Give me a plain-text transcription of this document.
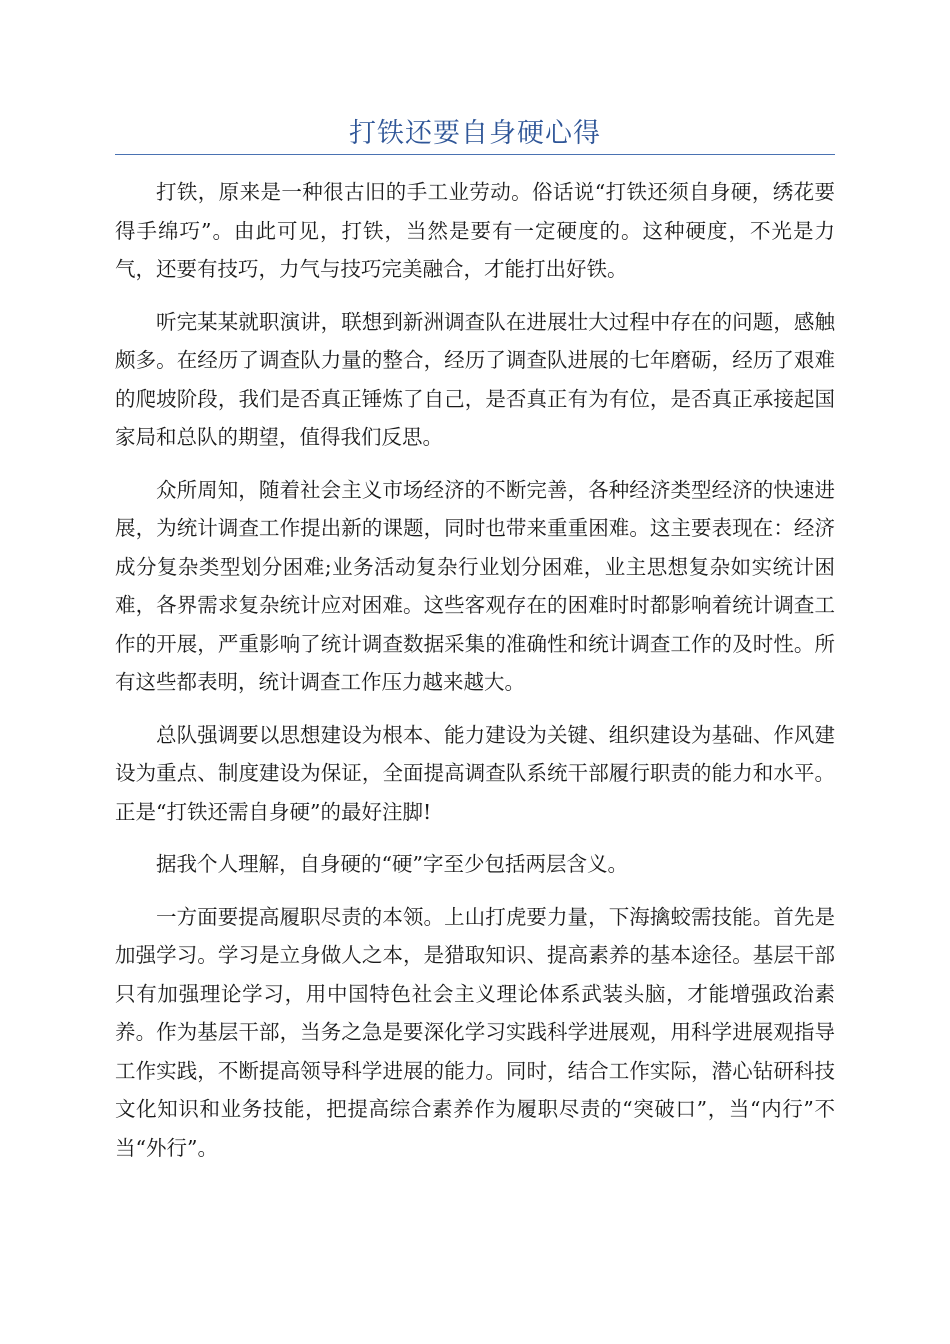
打铁还要自身硬心得

打铁，原来是一种很古旧的手工业劳动。俗话说“打铁还须自身硬，绣花要得手绵巧”。由此可见，打铁，当然是要有一定硬度的。这种硬度，不光是力气，还要有技巧，力气与技巧完美融合，才能打出好铁。

听完某某就职演讲，联想到新洲调查队在进展壮大过程中存在的问题，感触颇多。在经历了调查队力量的整合，经历了调查队进展的七年磨砺，经历了艰难的爬坡阶段，我们是否真正锤炼了自己，是否真正有为有位，是否真正承接起国家局和总队的期望，值得我们反思。

众所周知，随着社会主义市场经济的不断完善，各种经济类型经济的快速进展，为统计调查工作提出新的课题，同时也带来重重困难。这主要表现在：经济成分复杂类型划分困难;业务活动复杂行业划分困难，业主思想复杂如实统计困难，各界需求复杂统计应对困难。这些客观存在的困难时时都影响着统计调查工作的开展，严重影响了统计调查数据采集的准确性和统计调查工作的及时性。所有这些都表明，统计调查工作压力越来越大。

总队强调要以思想建设为根本、能力建设为关键、组织建设为基础、作风建设为重点、制度建设为保证，全面提高调查队系统干部履行职责的能力和水平。正是“打铁还需自身硬”的最好注脚!

据我个人理解，自身硬的“硬”字至少包括两层含义。

一方面要提高履职尽责的本领。上山打虎要力量，下海擒蛟需技能。首先是加强学习。学习是立身做人之本，是猎取知识、提高素养的基本途径。基层干部只有加强理论学习，用中国特色社会主义理论体系武装头脑，才能增强政治素养。作为基层干部，当务之急是要深化学习实践科学进展观，用科学进展观指导工作实践，不断提高领导科学进展的能力。同时，结合工作实际，潜心钻研科技文化知识和业务技能，把提高综合素养作为履职尽责的“突破口”，当“内行”不当“外行”。
